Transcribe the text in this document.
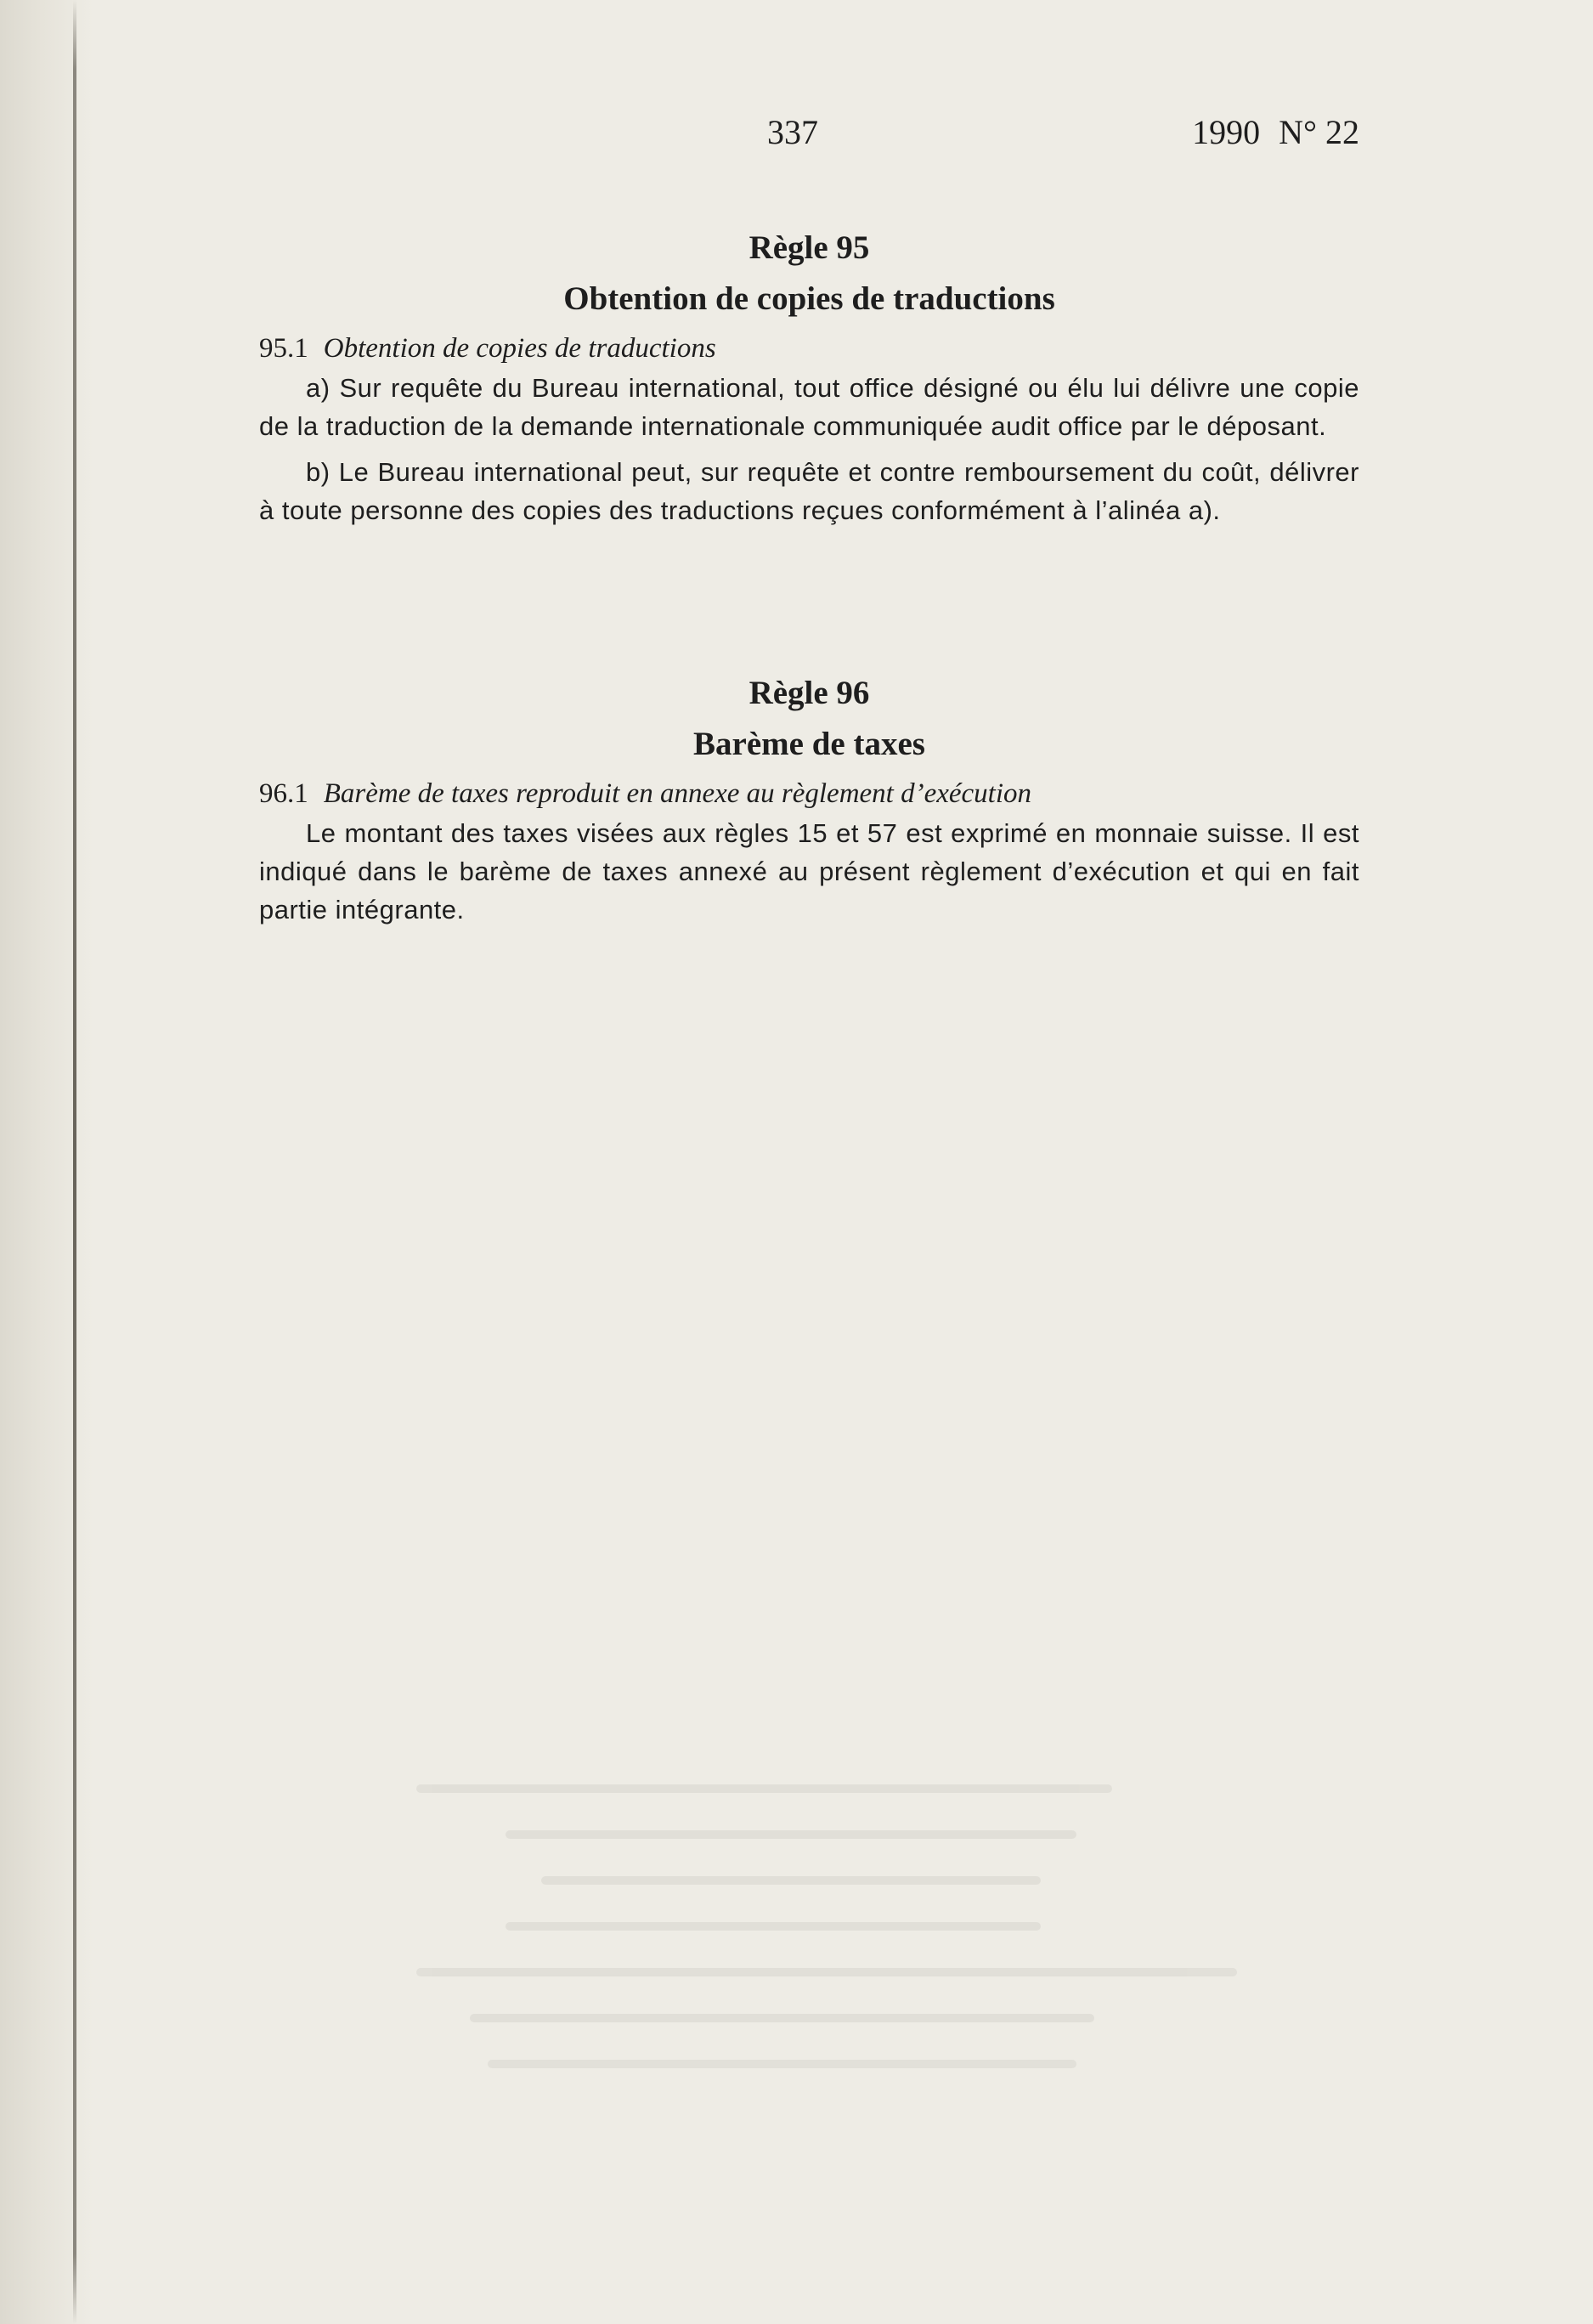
337	1990 N° 22
Règle 95
Obtention de copies de traductions

95.1 Obtention de copies de traductions

a) Sur requête du Bureau international, tout office désigné ou élu lui délivre une copie de la traduction de la demande internationale communiquée audit office par le déposant.

b) Le Bureau international peut, sur requête et contre remboursement du coût, délivrer à toute personne des copies des traductions reçues conformément à l’alinéa a).

Règle 96
Barème de taxes

96.1 Barème de taxes reproduit en annexe au règlement d’exécution

Le montant des taxes visées aux règles 15 et 57 est exprimé en monnaie suisse. Il est indiqué dans le barème de taxes annexé au présent règlement d’exécution et qui en fait partie intégrante.
